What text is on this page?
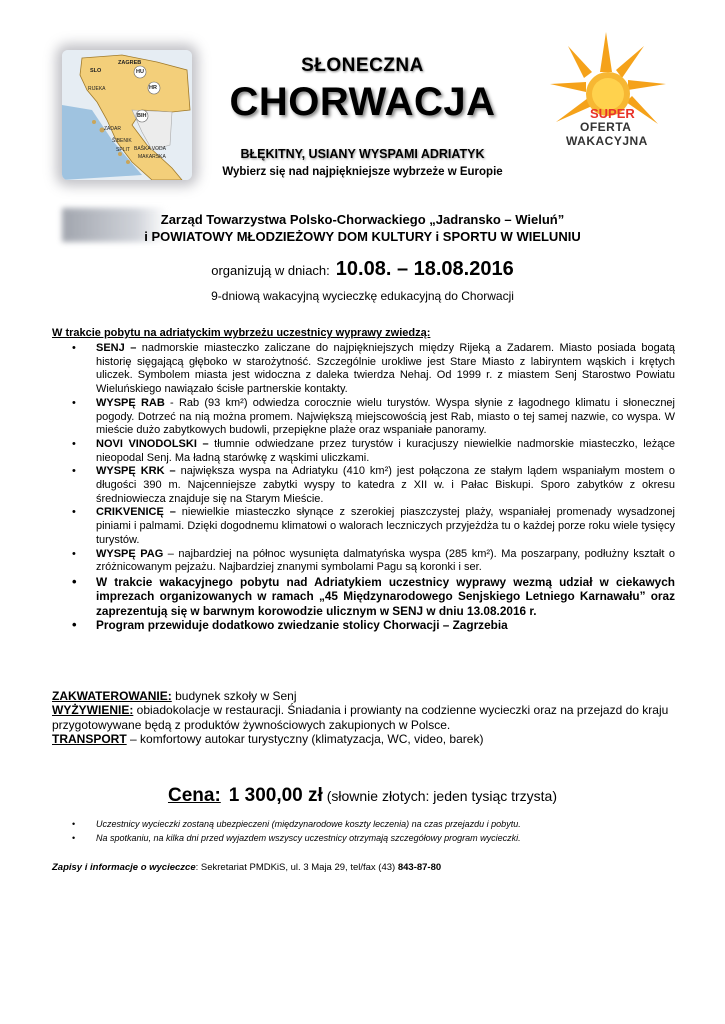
SLO
ZAGREB
HU
HR
RIJEKA
BIH
ZADAR
ŠIBENIK
SPLIT BAŠKA VODA
MAKARSKA
SŁONECZNA
CHORWACJA
BŁĘKITNY, USIANY WYSPAMI ADRIATYK
Wybierz się nad najpiękniejsze wybrzeże w Europie
SUPER
OFERTA
WAKACYJNA
Zarząd Towarzystwa Polsko-Chorwackiego „Jadransko – Wieluń”
i POWIATOWY MŁODZIEŻOWY DOM KULTURY i SPORTU W WIELUNIU
organizują w dniach: 10.08. – 18.08.2016
9-dniową wakacyjną wycieczkę edukacyjną do Chorwacji
W trakcie pobytu na adriatyckim wybrzeżu uczestnicy wyprawy zwiedzą:
• SENJ – nadmorskie miasteczko zaliczane do najpiękniejszych między Rijeką a Zadarem. Miasto posiada bogatą historię sięgającą głęboko w starożytność. Szczególnie urokliwe jest Stare Miasto z labiryntem wąskich i krętych uliczek. Symbolem miasta jest widoczna z daleka twierdza Nehaj. Od 1999 r. z miastem Senj Starostwo Powiatu Wieluńskiego nawiązało ścisłe partnerskie kontakty.
• WYSPĘ RAB - Rab (93 km²) odwiedza corocznie wielu turystów. Wyspa słynie z łagodnego klimatu i słonecznej pogody. Dotrzeć na nią można promem. Największą miejscowością jest Rab, miasto o tej samej nazwie, co wyspa. W mieście dużo zabytkowych budowli, przepiękne plaże oraz wspaniałe panoramy.
• NOVI VINODOLSKI – tłumnie odwiedzane przez turystów i kuracjuszy niewielkie nadmorskie miasteczko, leżące nieopodal Senj. Ma ładną starówkę z wąskimi uliczkami.
• WYSPĘ KRK – największa wyspa na Adriatyku (410 km²) jest połączona ze stałym lądem wspaniałym mostem o długości 390 m. Najcenniejsze zabytki wyspy to katedra z XII w. i Pałac Biskupi. Sporo zabytków z okresu średniowiecza znajduje się na Starym Mieście.
• CRIKVENICĘ – niewielkie miasteczko słynące z szerokiej piaszczystej plaży, wspaniałej promenady wysadzonej piniami i palmami. Dzięki dogodnemu klimatowi o walorach leczniczych przyjeżdża tu o każdej porze roku wiele tysięcy turystów.
• WYSPĘ PAG – najbardziej na północ wysunięta dalmatyńska wyspa (285 km²). Ma poszarpany, podłużny kształt o zróżnicowanym pejzażu. Najbardziej znanymi symbolami Pagu są koronki i ser.
• W trakcie wakacyjnego pobytu nad Adriatykiem uczestnicy wyprawy wezmą udział w ciekawych imprezach organizowanych w ramach „45 Międzynarodowego Senjskiego Letniego Karnawału” oraz zaprezentują się w barwnym korowodzie ulicznym w SENJ w dniu 13.08.2016 r.
• Program przewiduje dodatkowo zwiedzanie stolicy Chorwacji – Zagrzebia
ZAKWATEROWANIE: budynek szkoły w Senj
WYŻYWIENIE: obiadokolacje w restauracji. Śniadania i prowianty na codzienne wycieczki oraz na przejazd do kraju przygotowywane będą z produktów żywnościowych zakupionych w Polsce.
TRANSPORT – komfortowy autokar turystyczny (klimatyzacja, WC, video, barek)
Cena: 1 300,00 zł (słownie złotych: jeden tysiąc trzysta)
• Uczestnicy wycieczki zostaną ubezpieczeni (międzynarodowe koszty leczenia) na czas przejazdu i pobytu.
• Na spotkaniu, na kilka dni przed wyjazdem wszyscy uczestnicy otrzymają szczegółowy program wycieczki.
Zapisy i informacje o wycieczce: Sekretariat PMDKiS, ul. 3 Maja 29, tel/fax (43) 843-87-80
